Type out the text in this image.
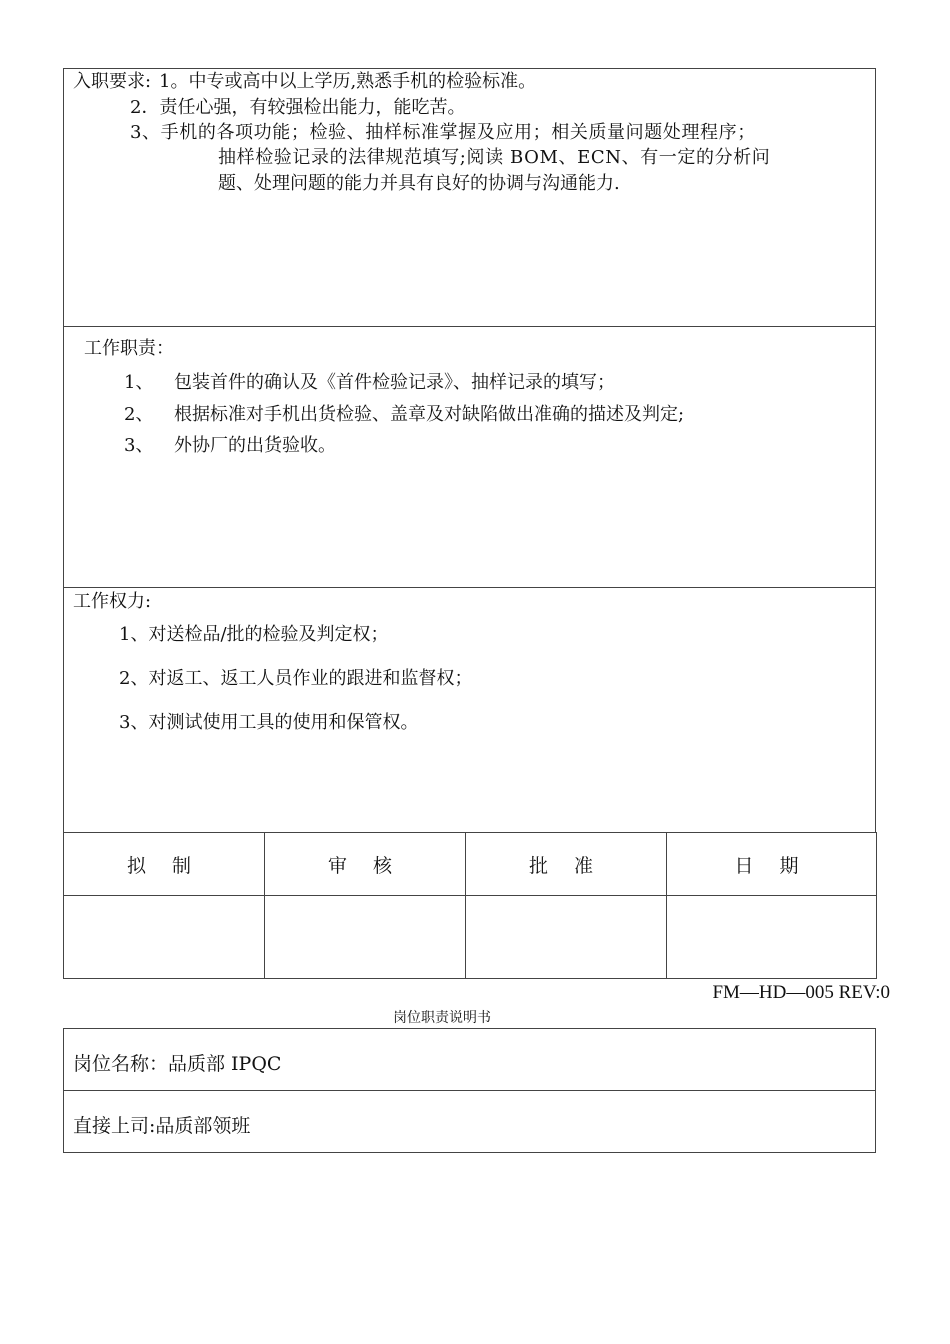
入职要求: 1。中专或高中以上学历,熟悉手机的检验标准。
2．责任心强，有较强检出能力，能吃苦。
3、手机的各项功能；检验、抽样标准掌握及应用；相关质量问题处理程序；
抽样检验记录的法律规范填写;阅读 BOM、ECN、有一定的分析问
题、处理问题的能力并具有良好的协调与沟通能力.
工作职责：
1、 包装首件的确认及《首件检验记录》、抽样记录的填写；
2、 根据标准对手机出货检验、盖章及对缺陷做出准确的描述及判定;
3、 外协厂的出货验收。
工作权力:
1、对送检品/批的检验及判定权；
2、对返工、返工人员作业的跟进和监督权；
3、对测试使用工具的使用和保管权。
拟 制	审 核	批 准	日 期

FM—HD—005 REV:0
岗位职责说明书
岗位名称：品质部 IPQC
直接上司:品质部领班
